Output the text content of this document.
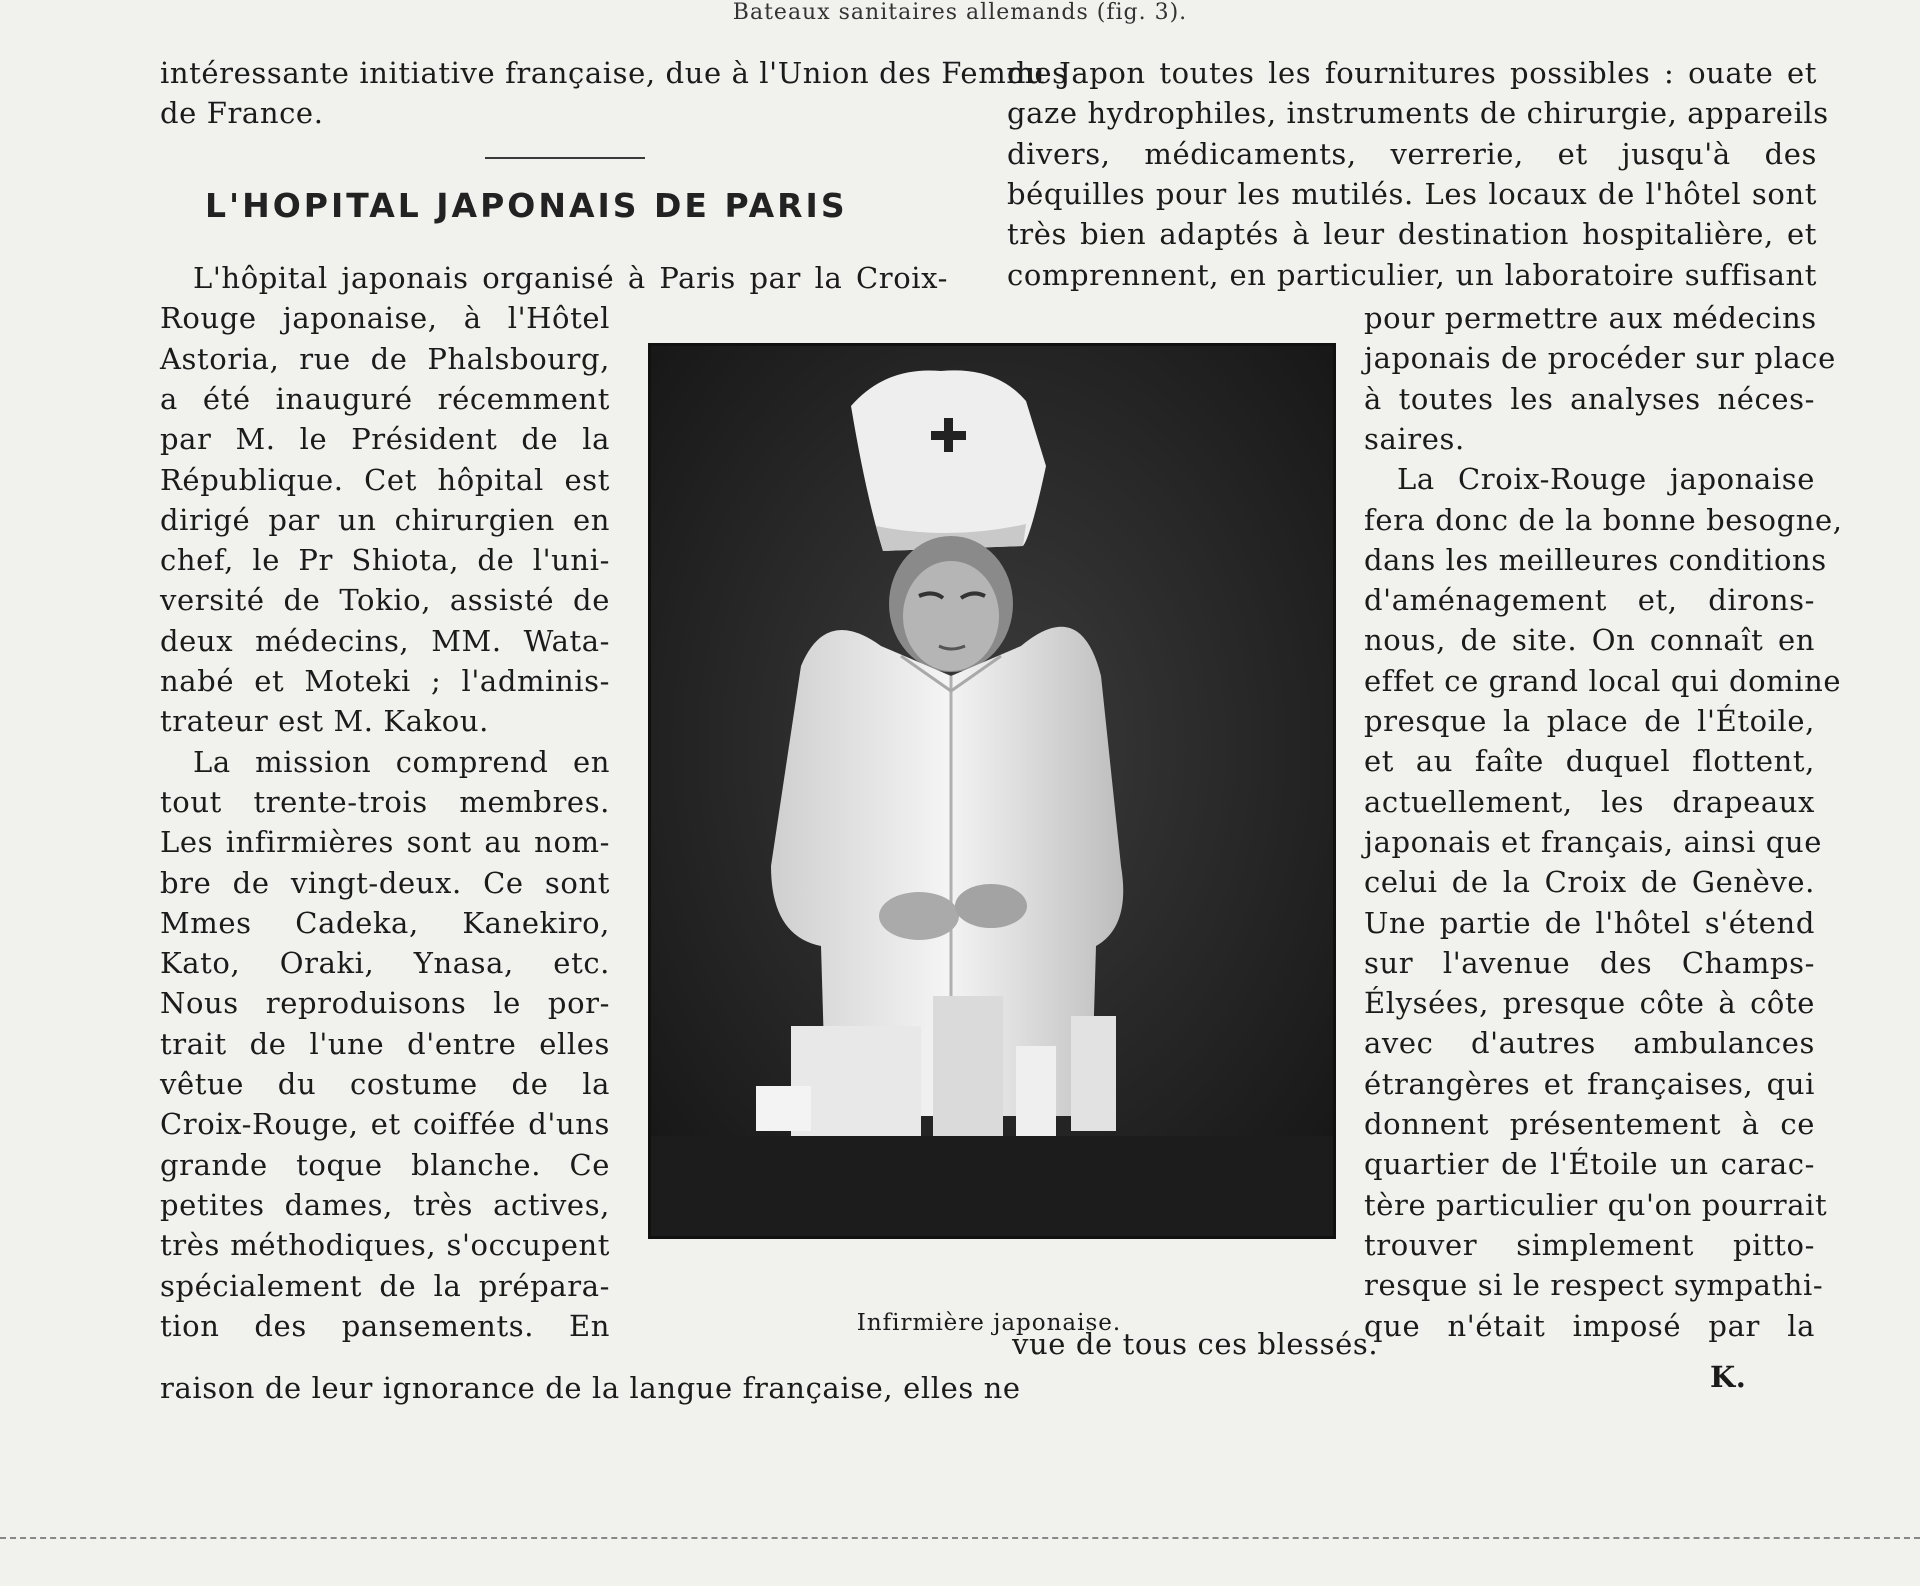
Bateaux sanitaires allemands (fig. 3).
L'HOPITAL JAPONAIS DE PARIS
intéressante initiative française, due à l'Union des Femmes
de France.
du Japon toutes les fournitures possibles : ouate et
gaze hydrophiles, instruments de chirurgie, appareils
divers, médicaments, verrerie, et jusqu'à des
béquilles pour les mutilés. Les locaux de l'hôtel sont
très bien adaptés à leur destination hospitalière, et
comprennent, en particulier, un laboratoire suffisant
L'hôpital japonais organisé à Paris par la Croix-
Rouge japonaise, à l'Hôtel
Astoria, rue de Phalsbourg,
a été inauguré récemment
par M. le Président de la
République. Cet hôpital est
dirigé par un chirurgien en
chef, le Pr Shiota, de l'uni-
versité de Tokio, assisté de
deux médecins, MM. Wata-
nabé et Moteki ; l'adminis-
trateur est M. Kakou.
La mission comprend en
tout trente-trois membres.
Les infirmières sont au nom-
bre de vingt-deux. Ce sont
Mmes Cadeka, Kanekiro,
Kato, Oraki, Ynasa, etc.
Nous reproduisons le por-
trait de l'une d'entre elles
vêtue du costume de la
Croix-Rouge, et coiffée d'uns
grande toque blanche. Ce
petites dames, très actives,
très méthodiques, s'occupent
spécialement de la prépara-
tion des pansements. En
raison de leur ignorance de la langue française, elles ne
pour permettre aux médecins
japonais de procéder sur place
à toutes les analyses néces-
saires.
La Croix-Rouge japonaise
fera donc de la bonne besogne,
dans les meilleures conditions
d'aménagement et, dirons-
nous, de site. On connaît en
effet ce grand local qui domine
presque la place de l'Étoile,
et au faîte duquel flottent,
actuellement, les drapeaux
japonais et français, ainsi que
celui de la Croix de Genève.
Une partie de l'hôtel s'étend
sur l'avenue des Champs-
Élysées, presque côte à côte
avec d'autres ambulances
étrangères et françaises, qui
donnent présentement à ce
quartier de l'Étoile un carac-
tère particulier qu'on pourrait
trouver simplement pitto-
resque si le respect sympathi-
que n'était imposé par la
vue de tous ces blessés.
Infirmière japonaise.
K.
